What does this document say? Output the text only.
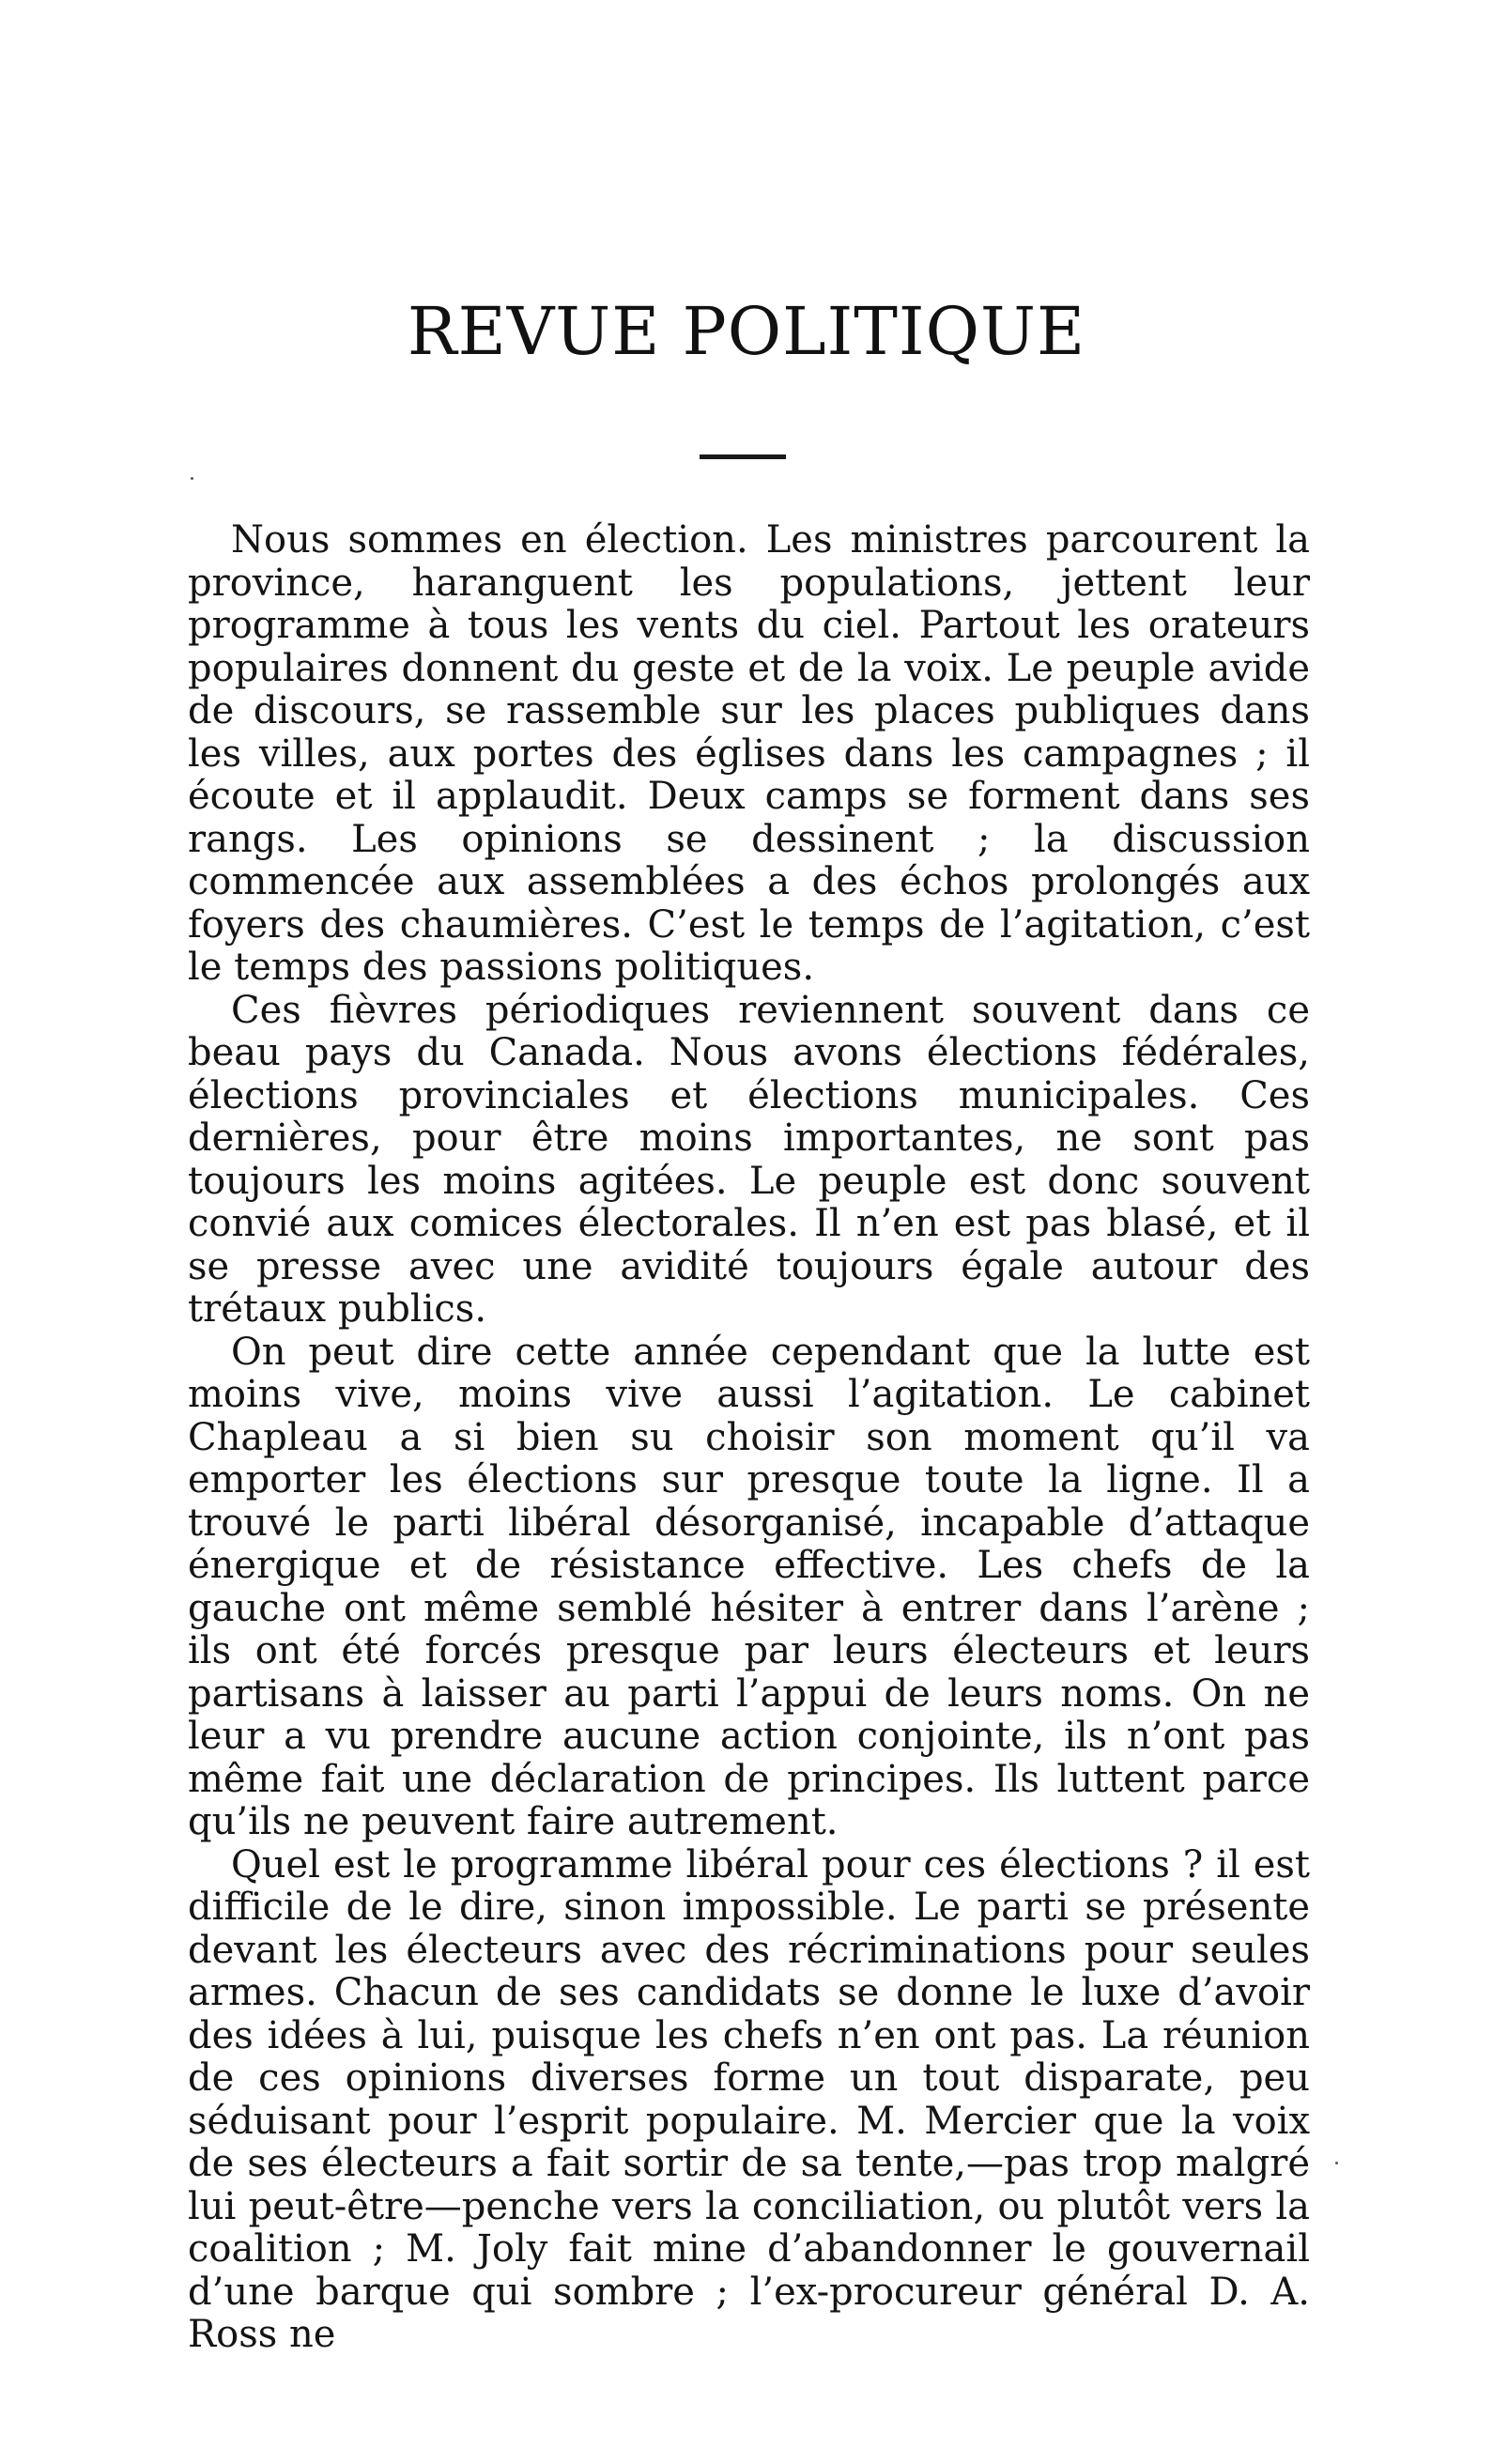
REVUE POLITIQUE

Nous sommes en élection. Les ministres parcourent la province, haranguent les populations, jettent leur programme à tous les vents du ciel. Partout les orateurs populaires donnent du geste et de la voix. Le peuple avide de discours, se rassemble sur les places publiques dans les villes, aux portes des églises dans les campagnes ; il écoute et il applaudit. Deux camps se forment dans ses rangs. Les opinions se dessinent ; la discussion commencée aux assemblées a des échos prolongés aux foyers des chaumières. C’est le temps de l’agitation, c’est le temps des passions politiques.

Ces fièvres périodiques reviennent souvent dans ce beau pays du Canada. Nous avons élections fédérales, élections provinciales et élections municipales. Ces dernières, pour être moins importantes, ne sont pas toujours les moins agitées. Le peuple est donc souvent convié aux comices électorales. Il n’en est pas blasé, et il se presse avec une avidité toujours égale autour des trétaux publics.

On peut dire cette année cependant que la lutte est moins vive, moins vive aussi l’agitation. Le cabinet Chapleau a si bien su choisir son moment qu’il va emporter les élections sur presque toute la ligne. Il a trouvé le parti libéral désorganisé, incapable d’attaque énergique et de résistance effective. Les chefs de la gauche ont même semblé hésiter à entrer dans l’arène ; ils ont été forcés presque par leurs électeurs et leurs partisans à laisser au parti l’appui de leurs noms. On ne leur a vu prendre aucune action conjointe, ils n’ont pas même fait une déclaration de principes. Ils luttent parce qu’ils ne peuvent faire autrement.

Quel est le programme libéral pour ces élections ? il est difficile de le dire, sinon impossible. Le parti se présente devant les électeurs avec des récriminations pour seules armes. Chacun de ses candidats se donne le luxe d’avoir des idées à lui, puisque les chefs n’en ont pas. La réunion de ces opinions diverses forme un tout disparate, peu séduisant pour l’esprit populaire. M. Mercier que la voix de ses électeurs a fait sortir de sa tente,—pas trop malgré lui peut-être—penche vers la conciliation, ou plutôt vers la coalition ; M. Joly fait mine d’abandonner le gouvernail d’une barque qui sombre ; l’ex-procureur général D. A. Ross ne
